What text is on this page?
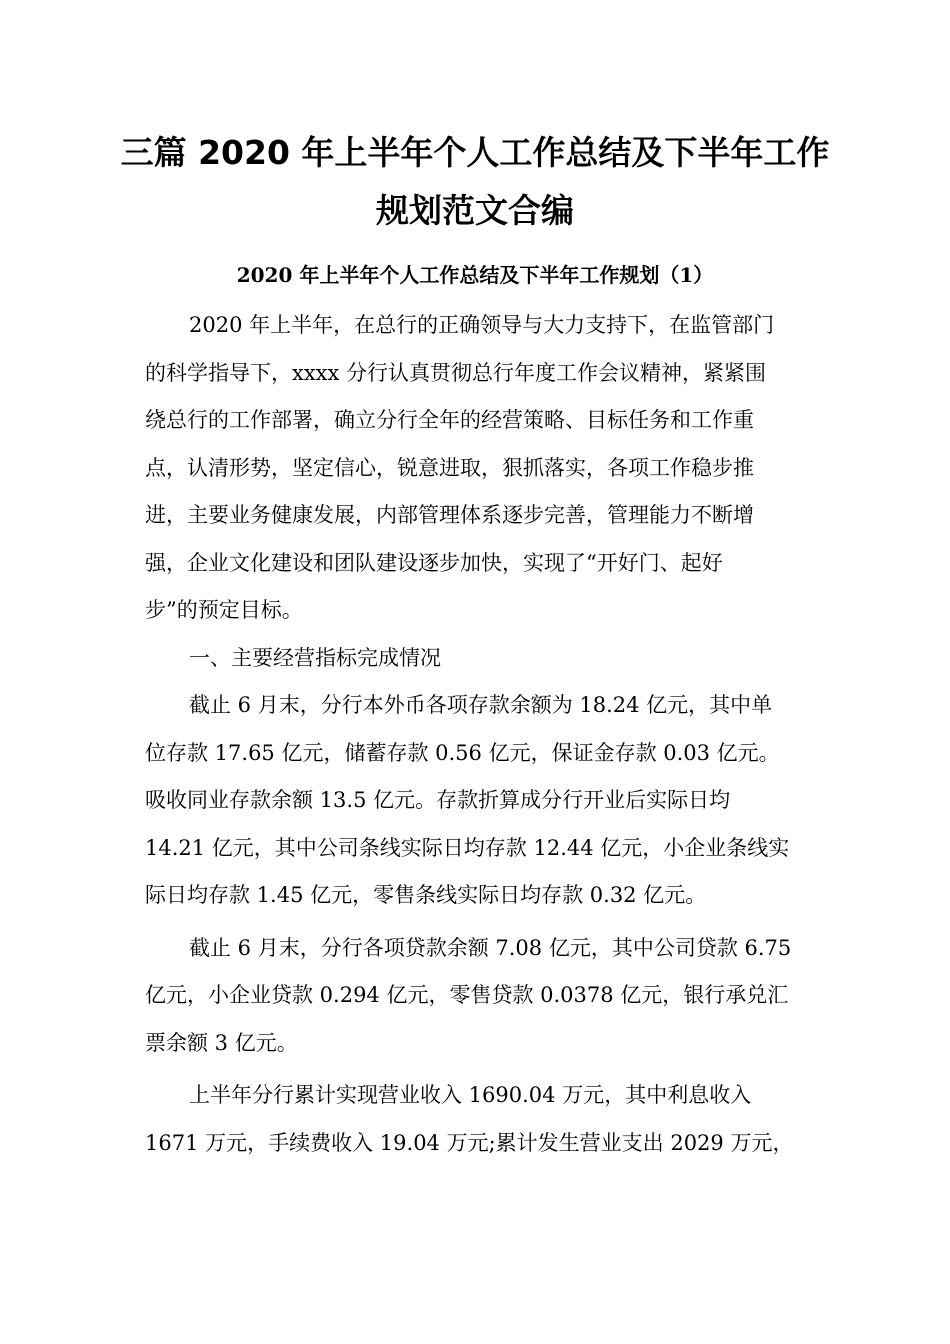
三篇 2020 年上半年个人工作总结及下半年工作
规划范文合编
2020 年上半年个人工作总结及下半年工作规划（1）
2020 年上半年，在总行的正确领导与大力支持下，在监管部门
的科学指导下，xxxx 分行认真贯彻总行年度工作会议精神，紧紧围
绕总行的工作部署，确立分行全年的经营策略、目标任务和工作重
点，认清形势，坚定信心，锐意进取，狠抓落实，各项工作稳步推
进，主要业务健康发展，内部管理体系逐步完善，管理能力不断增
强，企业文化建设和团队建设逐步加快，实现了“开好门、起好
步”的预定目标。
一、主要经营指标完成情况
截止 6 月末，分行本外币各项存款余额为 18.24 亿元，其中单
位存款 17.65 亿元，储蓄存款 0.56 亿元，保证金存款 0.03 亿元。
吸收同业存款余额 13.5 亿元。存款折算成分行开业后实际日均
14.21 亿元，其中公司条线实际日均存款 12.44 亿元，小企业条线实
际日均存款 1.45 亿元，零售条线实际日均存款 0.32 亿元。
截止 6 月末，分行各项贷款余额 7.08 亿元，其中公司贷款 6.75
亿元，小企业贷款 0.294 亿元，零售贷款 0.0378 亿元，银行承兑汇
票余额 3 亿元。
上半年分行累计实现营业收入 1690.04 万元，其中利息收入
1671 万元，手续费收入 19.04 万元;累计发生营业支出 2029 万元，
